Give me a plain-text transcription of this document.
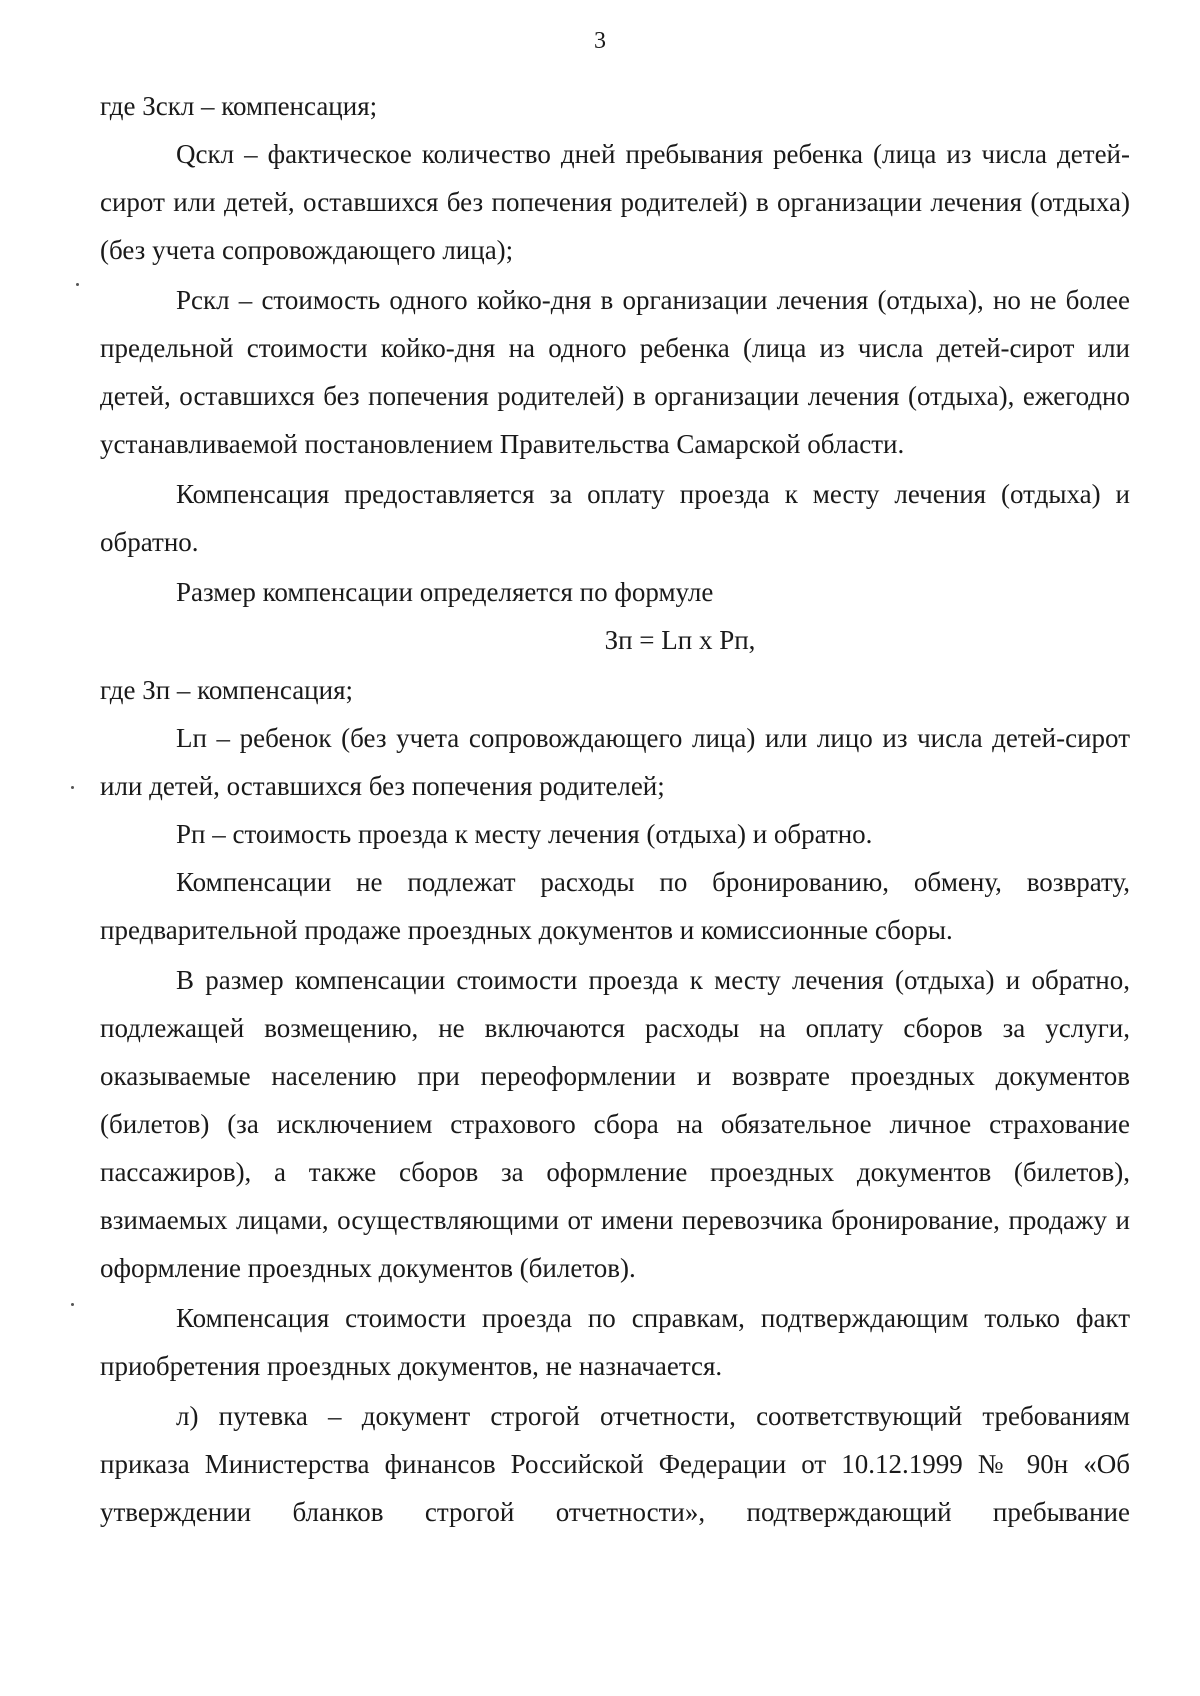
3

где Зскл – компенсация;

Qскл – фактическое количество дней пребывания ребенка (лица из числа детей-сирот или детей, оставшихся без попечения родителей) в организации лечения (отдыха) (без учета сопровождающего лица);

Рскл – стоимость одного койко-дня в организации лечения (отдыха), но не более предельной стоимости койко-дня на одного ребенка (лица из числа детей-сирот или детей, оставшихся без попечения родителей) в организации лечения (отдыха), ежегодно устанавливаемой постановлением Правительства Самарской области.

Компенсация предоставляется за оплату проезда к месту лечения (отдыха) и обратно.

Размер компенсации определяется по формуле

Зп = Lп x Рп,

где Зп – компенсация;

Lп – ребенок (без учета сопровождающего лица) или лицо из числа детей-сирот или детей, оставшихся без попечения родителей;

Рп – стоимость проезда к месту лечения (отдыха) и обратно.

Компенсации не подлежат расходы по бронированию, обмену, возврату, предварительной продаже проездных документов и комиссионные сборы.

В размер компенсации стоимости проезда к месту лечения (отдыха) и обратно, подлежащей возмещению, не включаются расходы на оплату сборов за услуги, оказываемые населению при переоформлении и возврате проездных документов (билетов) (за исключением страхового сбора на обязательное личное страхование пассажиров), а также сборов за оформление проездных документов (билетов), взимаемых лицами, осуществляющими от имени перевозчика бронирование, продажу и оформление проездных документов (билетов).

Компенсация стоимости проезда по справкам, подтверждающим только факт приобретения проездных документов, не назначается.

л) путевка – документ строгой отчетности, соответствующий требованиям приказа Министерства финансов Российской Федерации от 10.12.1999 № 90н «Об утверждении бланков строгой отчетности», подтверждающий пребывание
